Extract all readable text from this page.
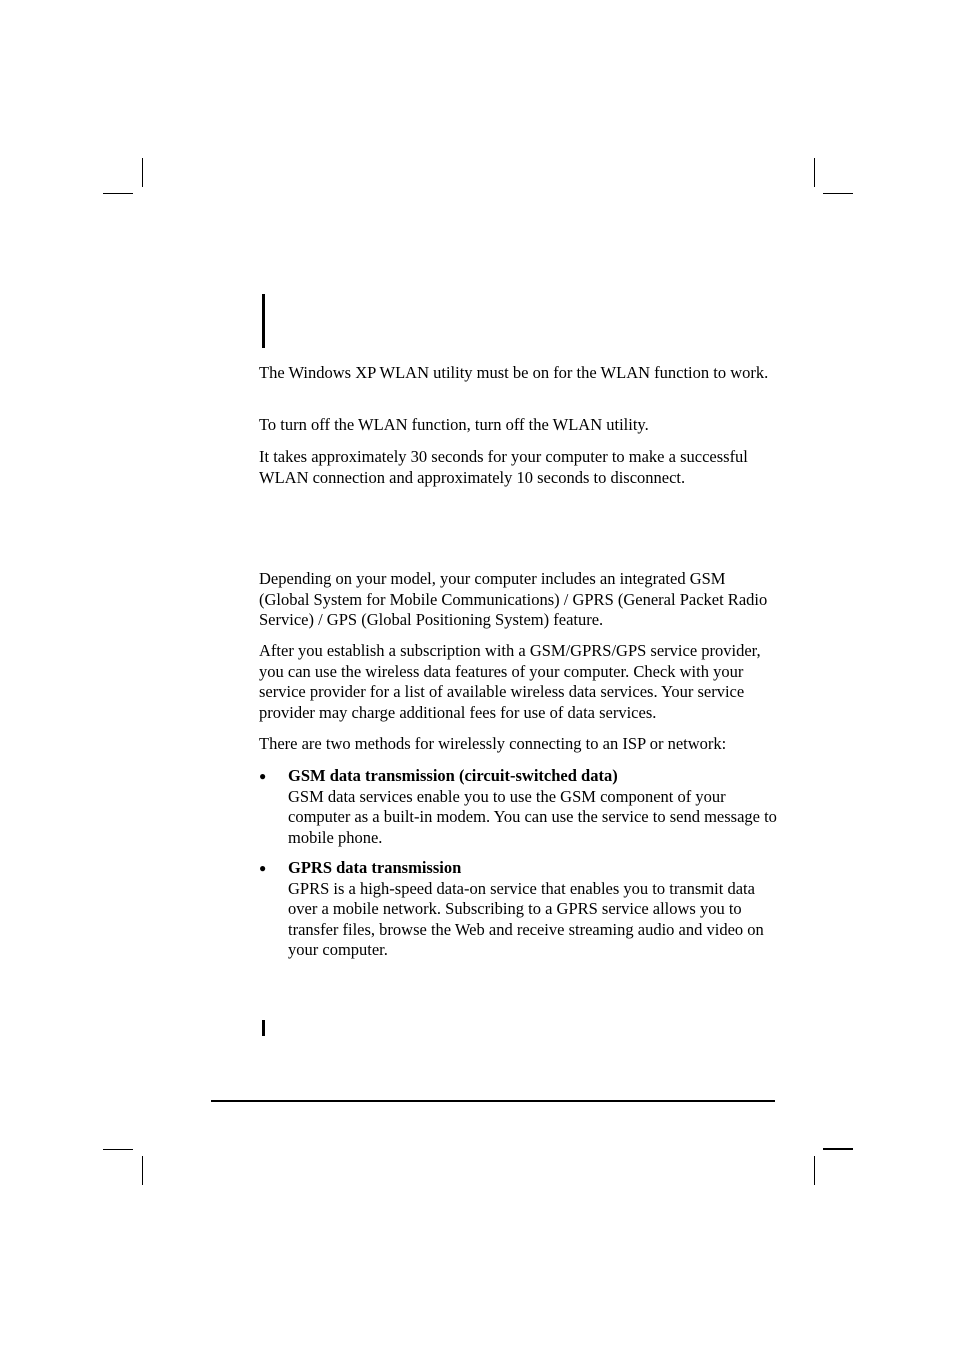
The Windows XP WLAN utility must be on for the WLAN function to work.

To turn off the WLAN function, turn off the WLAN utility.

It takes approximately 30 seconds for your computer to make a successful WLAN connection and approximately 10 seconds to disconnect.

Depending on your model, your computer includes an integrated GSM (Global System for Mobile Communications) / GPRS (General Packet Radio Service) / GPS (Global Positioning System) feature.

After you establish a subscription with a GSM/GPRS/GPS service provider, you can use the wireless data features of your computer. Check with your service provider for a list of available wireless data services. Your service provider may charge additional fees for use of data services.

There are two methods for wirelessly connecting to an ISP or network:

●	GSM data transmission (circuit-switched data)
GSM data services enable you to use the GSM component of your computer as a built-in modem. You can use the service to send message to mobile phone.
●	GPRS data transmission
GPRS is a high-speed data-on service that enables you to transmit data over a mobile network. Subscribing to a GPRS service allows you to transfer files, browse the Web and receive streaming audio and video on your computer.
